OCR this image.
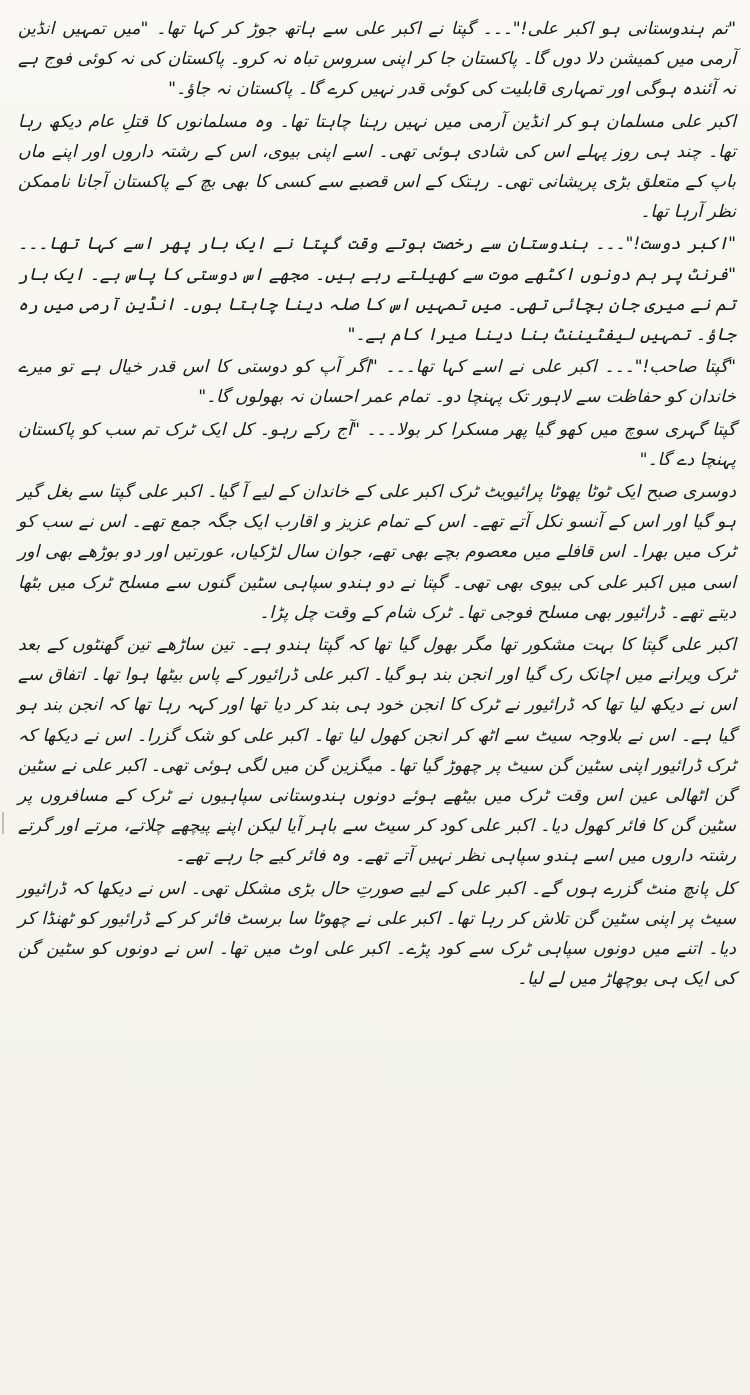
"تم ہندوستانی ہو اکبر علی!"۔۔۔ گپتا نے اکبر علی سے ہاتھ جوڑ کر کہا تھا۔ "میں تمہیں انڈین آرمی میں کمیشن دلا دوں گا۔ پاکستان جا کر اپنی سروس تباہ نہ کرو۔ پاکستان کی نہ کوئی فوج ہے نہ آئندہ ہوگی اور تمہاری قابلیت کی کوئی قدر نہیں کرے گا۔ پاکستان نہ جاؤ۔"

اکبر علی مسلمان ہو کر انڈین آرمی میں نہیں رہنا چاہتا تھا۔ وہ مسلمانوں کا قتلِ عام دیکھ رہا تھا۔ چند ہی روز پہلے اس کی شادی ہوئی تھی۔ اسے اپنی بیوی، اس کے رشتہ داروں اور اپنے ماں باپ کے متعلق بڑی پریشانی تھی۔ رہتک کے اس قصبے سے کسی کا بھی بچ کے پاکستان آجانا ناممکن نظر آرہا تھا۔

"اکبر دوست!"۔۔۔ ہندوستان سے رخصت ہوتے وقت گپتا نے ایک بار پھر اسے کہا تھا۔۔۔ "فرنٹ پر ہم دونوں اکٹھے موت سے کھیلتے رہے ہیں۔ مجھے اس دوستی کا پاس ہے۔ ایک بار تم نے میری جان بچائی تھی۔ میں تمہیں اس کا صلہ دینا چاہتا ہوں۔ انڈین آرمی میں رہ جاؤ۔ تمہیں لیفٹیننٹ بنا دینا میرا کام ہے۔"

"گپتا صاحب!"۔۔۔ اکبر علی نے اسے کہا تھا۔۔۔ "اگر آپ کو دوستی کا اس قدر خیال ہے تو میرے خاندان کو حفاظت سے لاہور تک پہنچا دو۔ تمام عمر احسان نہ بھولوں گا۔"

گپتا گہری سوچ میں کھو گیا پھر مسکرا کر بولا۔۔۔ "آج رکے رہو۔ کل ایک ٹرک تم سب کو پاکستان پہنچا دے گا۔"

دوسری صبح ایک ٹوٹا پھوٹا پرائیویٹ ٹرک اکبر علی کے خاندان کے لیے آ گیا۔ اکبر علی گپتا سے بغل گیر ہو گیا اور اس کے آنسو نکل آتے تھے۔ اس کے تمام عزیز و اقارب ایک جگہ جمع تھے۔ اس نے سب کو ٹرک میں بھرا۔ اس قافلے میں معصوم بچے بھی تھے، جوان سال لڑکیاں، عورتیں اور دو بوڑھے بھی اور اسی میں اکبر علی کی بیوی بھی تھی۔ گپتا نے دو ہندو سپاہی سٹین گنوں سے مسلح ٹرک میں بٹھا دیتے تھے۔ ڈرائیور بھی مسلح فوجی تھا۔ ٹرک شام کے وقت چل پڑا۔

اکبر علی گپتا کا بہت مشکور تھا مگر بھول گیا تھا کہ گپتا ہندو ہے۔ تین ساڑھے تین گھنٹوں کے بعد ٹرک ویرانے میں اچانک رک گیا اور انجن بند ہو گیا۔ اکبر علی ڈرائیور کے پاس بیٹھا ہوا تھا۔ اتفاق سے اس نے دیکھ لیا تھا کہ ڈرائیور نے ٹرک کا انجن خود ہی بند کر دیا تھا اور کہہ رہا تھا کہ انجن بند ہو گیا ہے۔ اس نے بلاوجہ سیٹ سے اٹھ کر انجن کھول لیا تھا۔ اکبر علی کو شک گزرا۔ اس نے دیکھا کہ ٹرک ڈرائیور اپنی سٹین گن سیٹ پر چھوڑ گیا تھا۔ میگزین گن میں لگی ہوئی تھی۔ اکبر علی نے سٹین گن اٹھالی عین اس وقت ٹرک میں بیٹھے ہوئے دونوں ہندوستانی سپاہیوں نے ٹرک کے مسافروں پر سٹین گن کا فائر کھول دیا۔ اکبر علی کود کر سیٹ سے باہر آیا لیکن اپنے پیچھے چلاتے، مرتے اور گرتے رشتہ داروں میں اسے ہندو سپاہی نظر نہیں آتے تھے۔ وہ فائر کیے جا رہے تھے۔

کل پانچ منٹ گزرے ہوں گے۔ اکبر علی کے لیے صورتِ حال بڑی مشکل تھی۔ اس نے دیکھا کہ ڈرائیور سیٹ پر اپنی سٹین گن تلاش کر رہا تھا۔ اکبر علی نے چھوٹا سا برسٹ فائر کر کے ڈرائیور کو ٹھنڈا کر دیا۔ اتنے میں دونوں سپاہی ٹرک سے کود پڑے۔ اکبر علی اوٹ میں تھا۔ اس نے دونوں کو سٹین گن کی ایک ہی بوچھاڑ میں لے لیا۔
